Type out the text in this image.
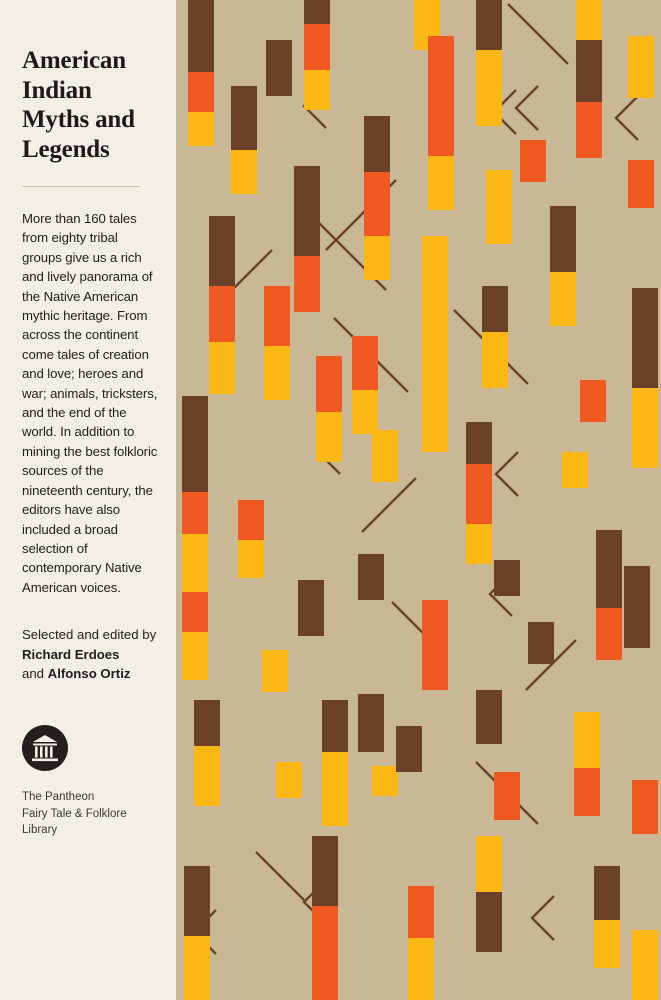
American
Indian
Myths and
Legends

More than 160 tales from eighty tribal groups give us a rich and lively panorama of the Native American mythic heritage. From across the continent come tales of creation and love; heroes and war; animals, tricksters, and the end of the world. In addition to mining the best folkloric sources of the nineteenth century, the editors have also included a broad selection of contemporary Native American voices.

Selected and edited by
Richard Erdoes
and Alfonso Ortiz
The Pantheon
Fairy Tale & Folklore
Library
